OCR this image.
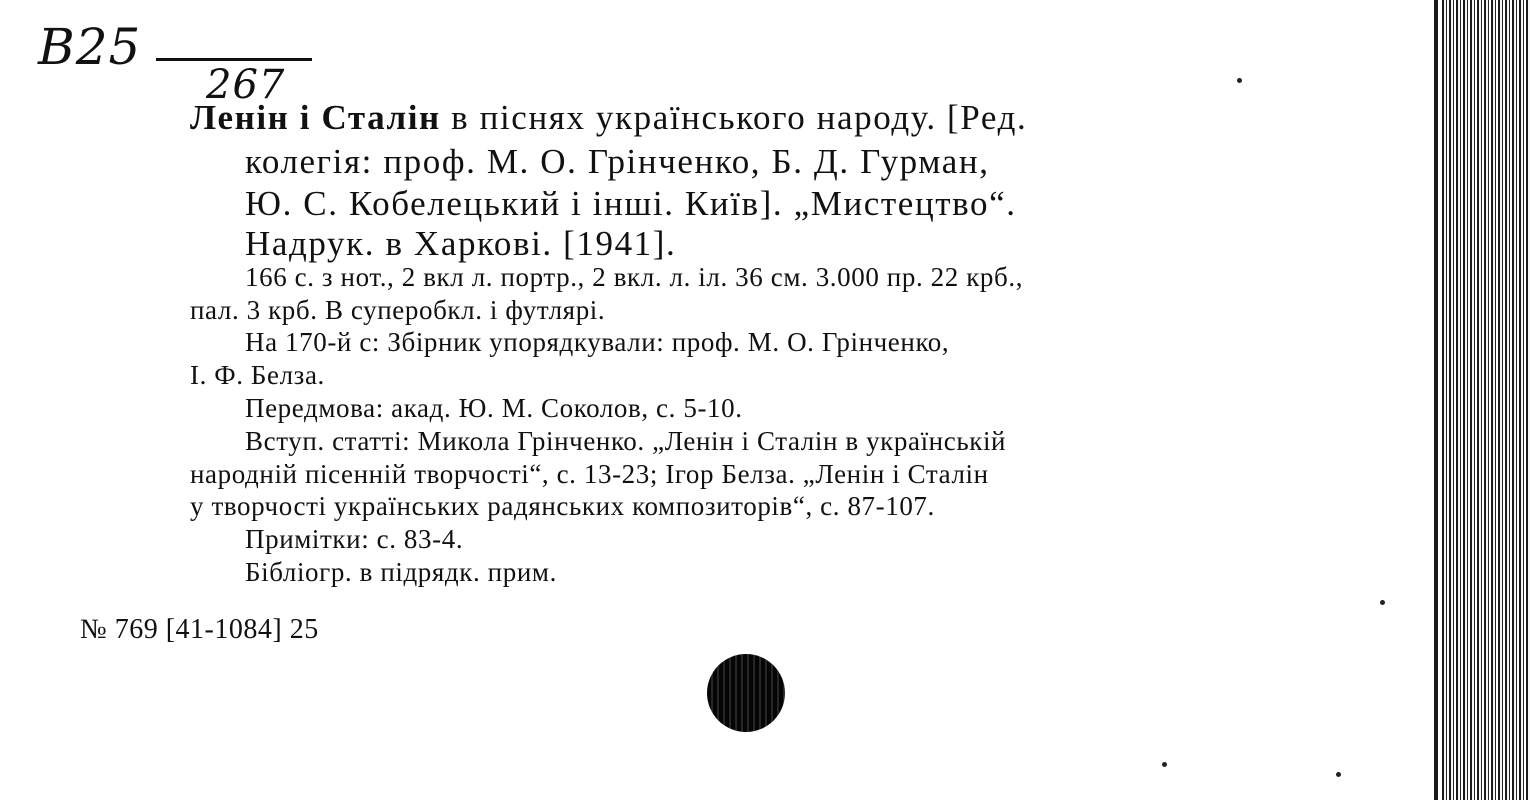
B25
267
Ленін і Сталін в піснях українського народу. [Ред.
колегія: проф. М. О. Грінченко, Б. Д. Гурман,
Ю. С. Кобелецький і інші. Київ]. „Мистецтво“.
Надрук. в Харкові. [1941].
166 с. з нот., 2 вкл л. портр., 2 вкл. л. іл. 36 см. 3.000 пр. 22 крб.,
пал. 3 крб. В суперобкл. і футлярі.
На 170-й с: Збірник упорядкували: проф. М. О. Грінченко,
І. Ф. Белза.
Передмова: акад. Ю. М. Соколов, с. 5-10.
Вступ. статті: Микола Грінченко. „Ленін і Сталін в українській
народній пісенній творчості“, с. 13-23; Ігор Белза. „Ленін і Сталін
у творчості українських радянських композиторів“, с. 87-107.
Примітки: с. 83-4.
Бібліогр. в підрядк. прим.
№ 769 [41-1084] 25
